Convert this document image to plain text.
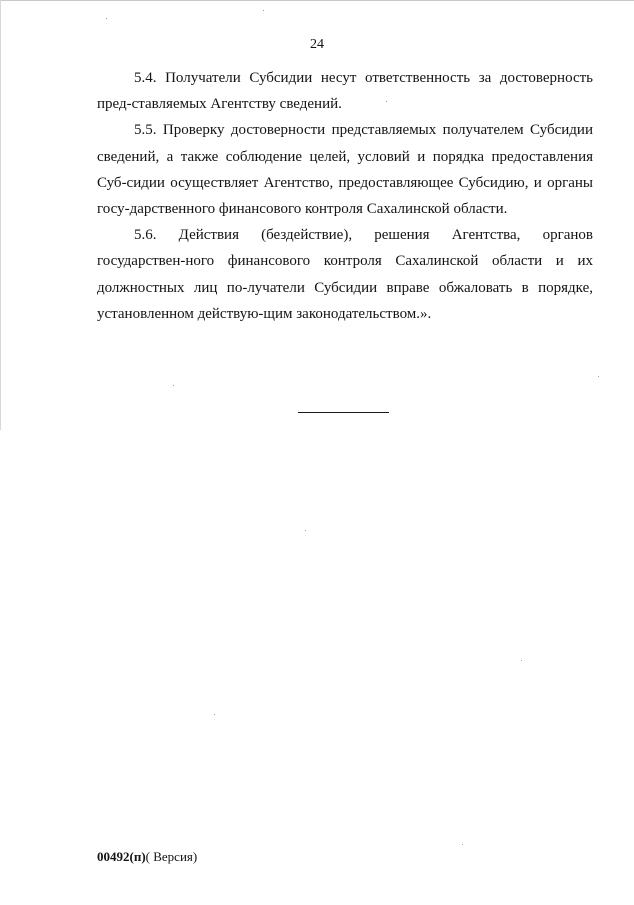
24

5.4. Получатели Субсидии несут ответственность за достоверность пред-ставляемых Агентству сведений.

5.5. Проверку достоверности представляемых получателем Субсидии сведений, а также соблюдение целей, условий и порядка предоставления Суб-сидии осуществляет Агентство, предоставляющее Субсидию, и органы госу-дарственного финансового контроля Сахалинской области.

5.6. Действия (бездействие), решения Агентства, органов государствен-ного финансового контроля Сахалинской области и их должностных лиц по-лучатели Субсидии вправе обжаловать в порядке, установленном действую-щим законодательством.».

00492(п)( Версия)
